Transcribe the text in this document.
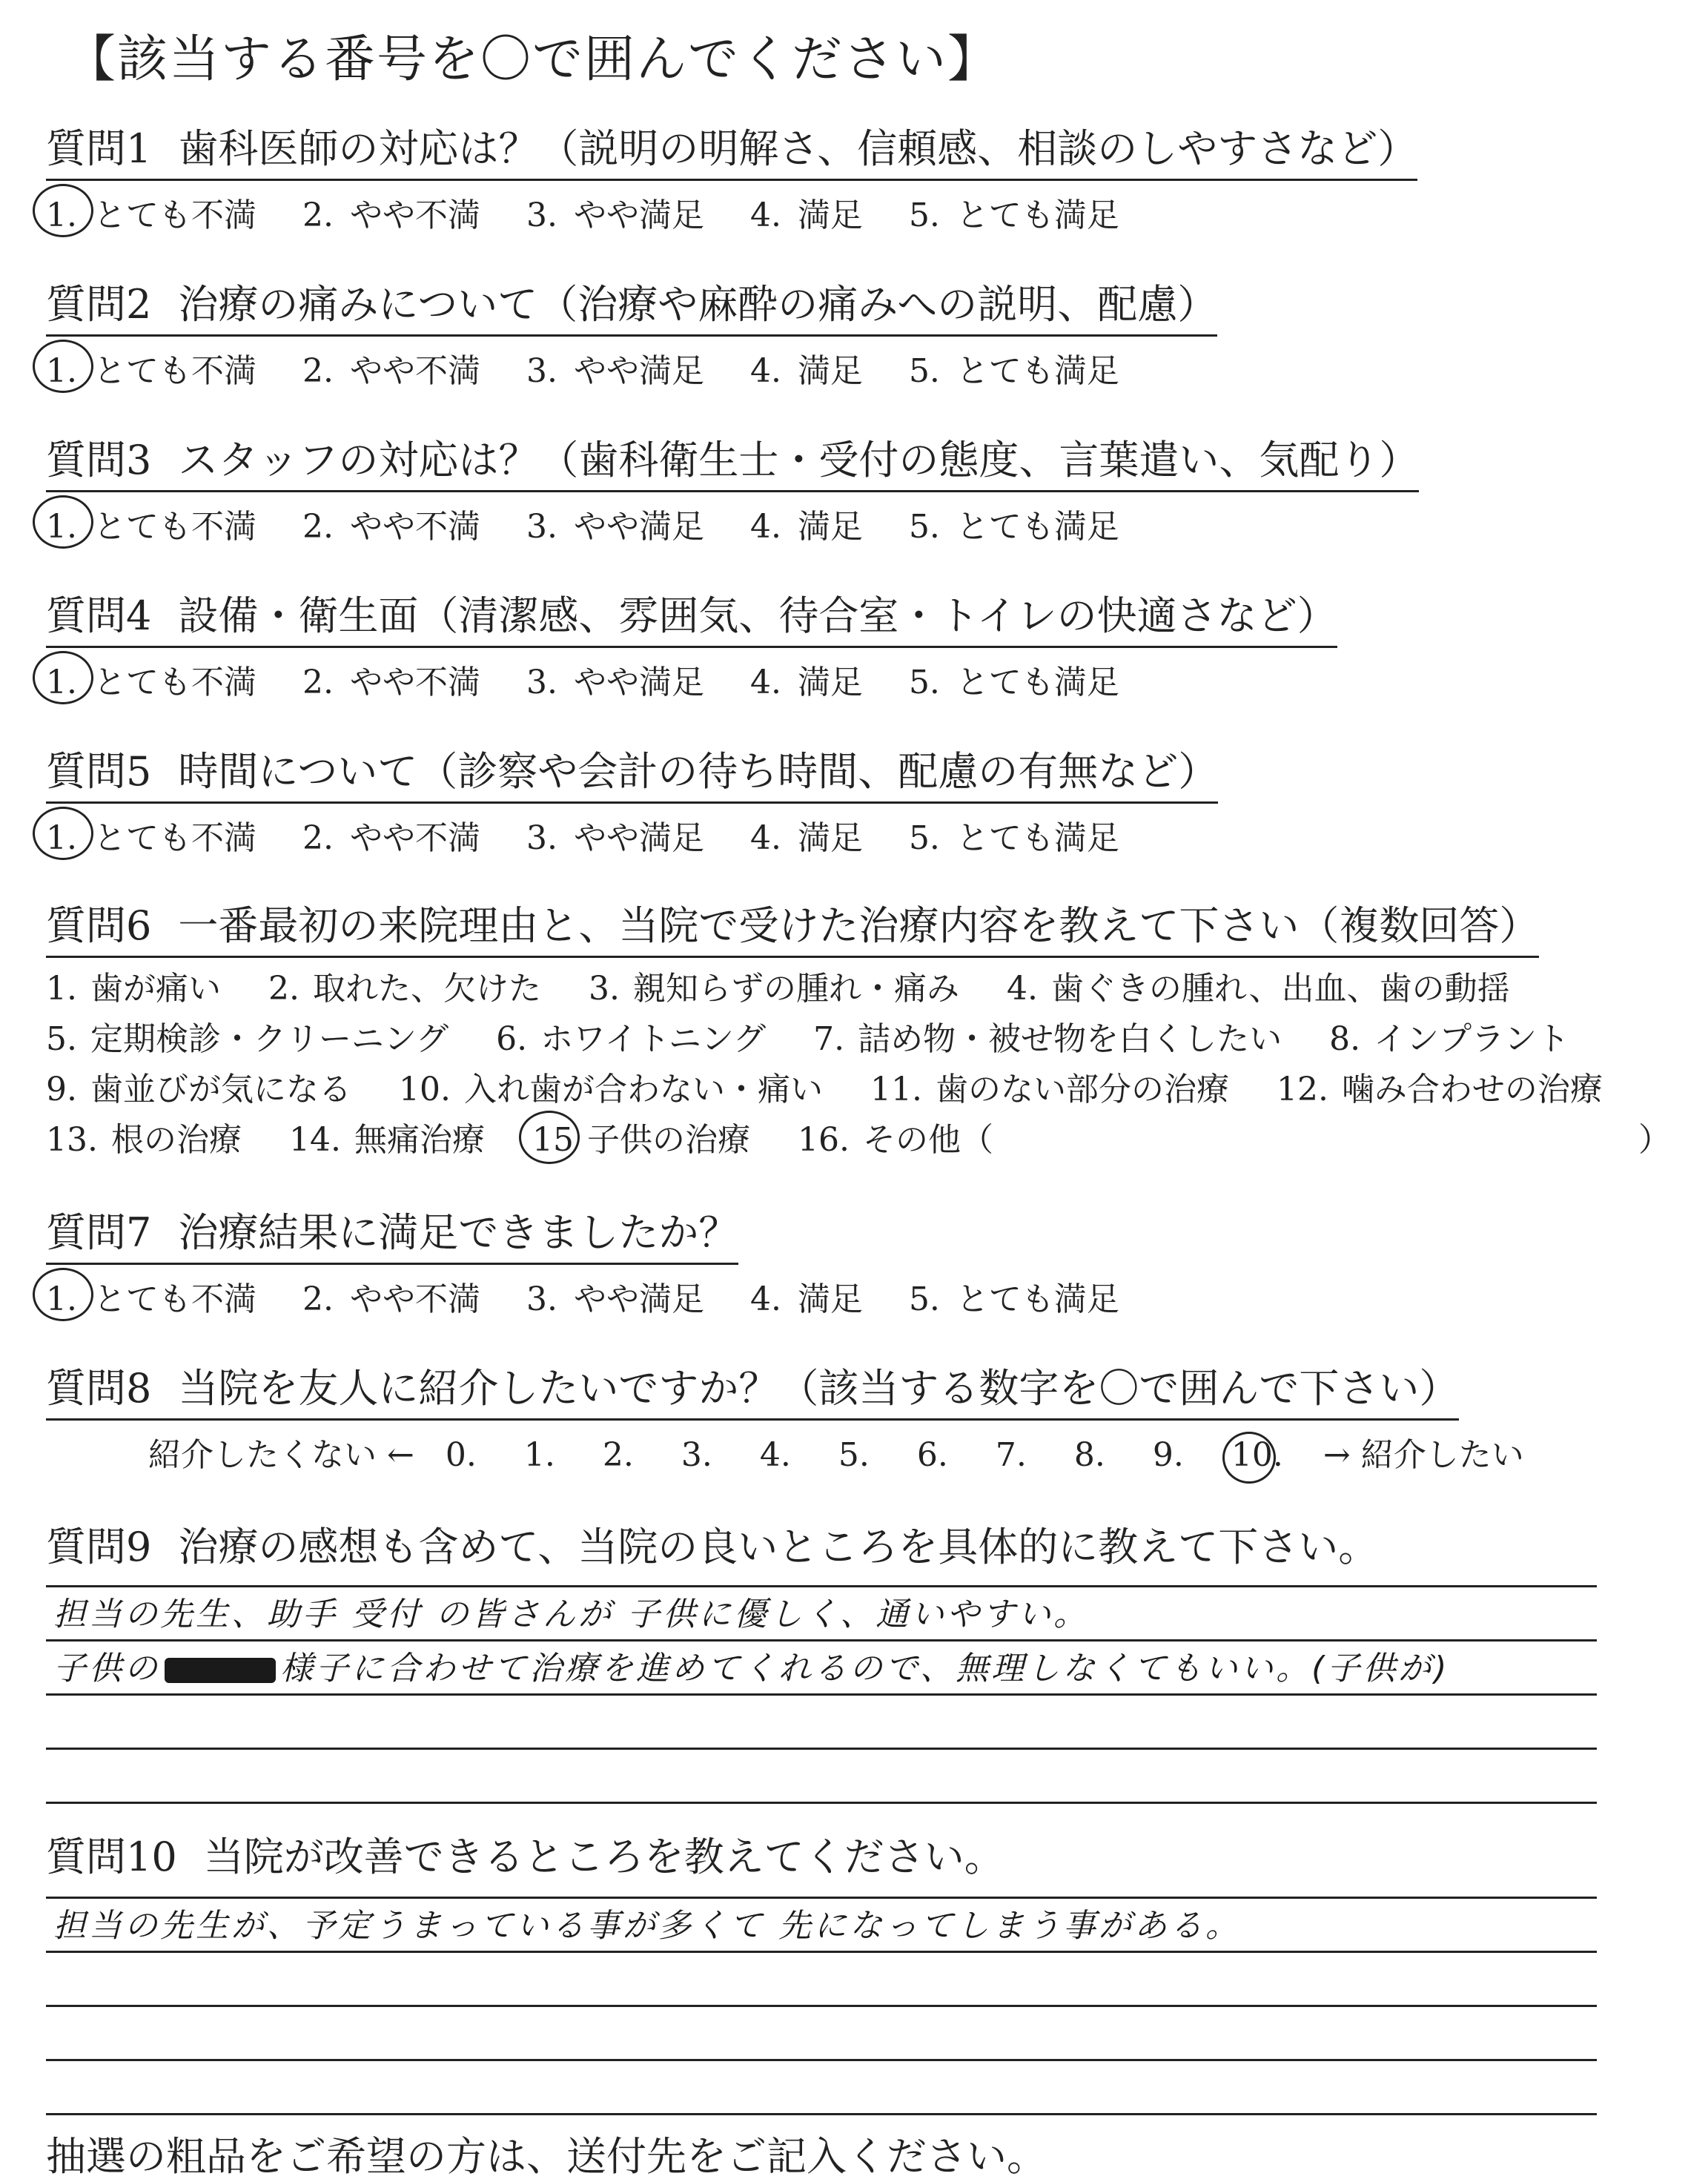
【該当する番号を〇で囲んでください】
質問1 歯科医師の対応は？（説明の明解さ、信頼感、相談のしやすさなど）
1. とても不満 2. やや不満 3. やや満足 4. 満足 5. とても満足
質問2 治療の痛みについて（治療や麻酔の痛みへの説明、配慮）
1. とても不満 2. やや不満 3. やや満足 4. 満足 5. とても満足
質問3 スタッフの対応は？（歯科衛生士・受付の態度、言葉遣い、気配り）
1. とても不満 2. やや不満 3. やや満足 4. 満足 5. とても満足
質問4 設備・衛生面（清潔感、雰囲気、待合室・トイレの快適さなど）
1. とても不満 2. やや不満 3. やや満足 4. 満足 5. とても満足
質問5 時間について（診察や会計の待ち時間、配慮の有無など）
1. とても不満 2. やや不満 3. やや満足 4. 満足 5. とても満足
質問6 一番最初の来院理由と、当院で受けた治療内容を教えて下さい（複数回答）
1. 歯が痛い 2. 取れた、欠けた 3. 親知らずの腫れ・痛み 4. 歯ぐきの腫れ、出血、歯の動揺
5. 定期検診・クリーニング 6. ホワイトニング 7. 詰め物・被せ物を白くしたい 8. インプラント
9. 歯並びが気になる 10. 入れ歯が合わない・痛い 11. 歯のない部分の治療 12. 噛み合わせの治療
13. 根の治療 14. 無痛治療 15 子供の治療 16. その他（	）
質問7 治療結果に満足できましたか？
1. とても不満 2. やや不満 3. やや満足 4. 満足 5. とても満足
質問8 当院を友人に紹介したいですか？（該当する数字を〇で囲んで下さい）
紹介したくない ← 0. 1. 2. 3. 4. 5. 6. 7. 8. 9. 10. → 紹介したい
質問9 治療の感想も含めて、当院の良いところを具体的に教えて下さい。
担当の先生、助手 受付 の皆さんが 子供に優しく、通いやすい。
子供の	様子に合わせて治療を進めてくれるので、無理しなくてもいい。(子供が)
質問10 当院が改善できるところを教えてください。
担当の先生が、予定うまっている事が多くて 先になってしまう事がある。
抽選の粗品をご希望の方は、送付先をご記入ください。
